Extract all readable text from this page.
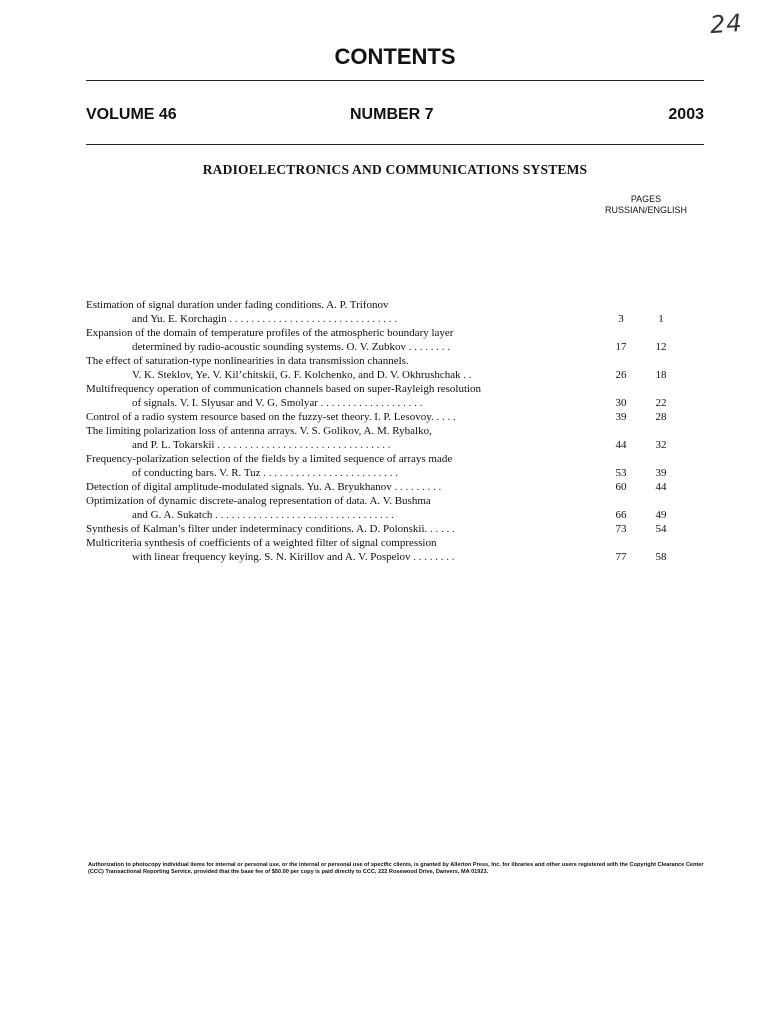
24
CONTENTS
VOLUME 46	NUMBER 7	2003
RADIOELECTRONICS AND COMMUNICATIONS SYSTEMS
PAGES
RUSSIAN/ENGLISH
Estimation of signal duration under fading conditions. A. P. Trifonov
and Yu. E. Korchagin . . . . . . . . . . . . . . . . . . . . . . . . . . . . . . .	3	1
Expansion of the domain of temperature profiles of the atmospheric boundary layer
determined by radio-acoustic sounding systems. O. V. Zubkov . . . . . . . .	17	12
The effect of saturation-type nonlinearities in data transmission channels.
V. K. Steklov, Ye. V. Kil’chitskii, G. F. Kolchenko, and D. V. Okhrushchak . .	26	18
Multifrequency operation of communication channels based on super-Rayleigh resolution
of signals. V. I. Slyusar and V. G. Smolyar . . . . . . . . . . . . . . . . . . .	30	22
Control of a radio system resource based on the fuzzy-set theory. I. P. Lesovoy. . . . .	39	28
The limiting polarization loss of antenna arrays. V. S. Golikov, A. M. Rybalko,
and P. L. Tokarskii . . . . . . . . . . . . . . . . . . . . . . . . . . . . . . . .	44	32
Frequency-polarization selection of the fields by a limited sequence of arrays made
of conducting bars. V. R. Tuz . . . . . . . . . . . . . . . . . . . . . . . . .	53	39
Detection of digital amplitude-modulated signals. Yu. A. Bryukhanov . . . . . . . . .	60	44
Optimization of dynamic discrete-analog representation of data. A. V. Bushma
and G. A. Sukatch . . . . . . . . . . . . . . . . . . . . . . . . . . . . . . . . .	66	49
Synthesis of Kalman’s filter under indeterminacy conditions. A. D. Polonskii. . . . . .	73	54
Multicriteria synthesis of coefficients of a weighted filter of signal compression
with linear frequency keying. S. N. Kirillov and A. V. Pospelov . . . . . . . .	77	58
Authorization to photocopy individual items for internal or personal use, or the internal or personal use of specific clients, is granted by Allerton Press, Inc. for libraries and other users registered with the Copyright Clearance Center (CCC) Transactional Reporting Service, provided that the base fee of $50.00 per copy is paid directly to CCC, 222 Rosewood Drive, Danvers, MA 01923.
